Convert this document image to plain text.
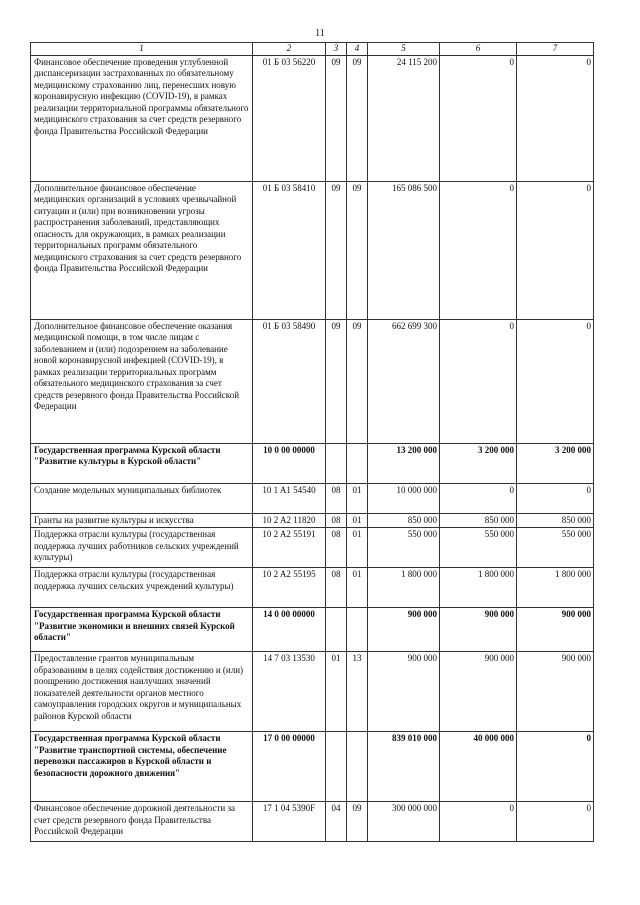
11
1	2	3	4	5	6	7
Финансовое обеспечение проведения углубленной диспансеризации застрахованных по обязательному медицинскому страхованию лиц, перенесших новую коронавирусную инфекцию (COVID-19), в рамках реализации территориальной программы обязательного медицинского страхования за счет средств резервного фонда Правительства Российской Федерации	01 Б 03 56220	09	09	24 115 200	0	0
Дополнительное финансовое обеспечение медицинских организаций в условиях чрезвычайной ситуации и (или) при возникновении угрозы распространения заболеваний, представляющих опасность для окружающих, в рамках реализации территориальных программ обязательного медицинского страхования за счет средств резервного фонда Правительства Российской Федерации	01 Б 03 58410	09	09	165 086 500	0	0
Дополнительное финансовое обеспечение оказания медицинской помощи, в том числе лицам с заболеванием и (или) подозрением на заболевание новой коронавирусной инфекцией (COVID-19), в рамках реализации территориальных программ обязательного медицинского страхования за счет средств резервного фонда Правительства Российской Федерации	01 Б 03 58490	09	09	662 699 300	0	0
Государственная программа Курской области "Развитие культуры в Курской области"	10 0 00 00000			13 200 000	3 200 000	3 200 000
Создание модельных муниципальных библиотек	10 1 A1 54540	08	01	10 000 000	0	0
Гранты на развитие культуры и искусства	10 2 A2 11820	08	01	850 000	850 000	850 000
Поддержка отрасли культуры (государственная поддержка лучших работников сельских учреждений культуры)	10 2 A2 55191	08	01	550 000	550 000	550 000
Поддержка отрасли культуры (государственная поддержка лучших сельских учреждений культуры)	10 2 A2 55195	08	01	1 800 000	1 800 000	1 800 000
Государственная программа Курской области "Развитие экономики и внешних связей Курской области"	14 0 00 00000			900 000	900 000	900 000
Предоставление грантов муниципальным образованиям в целях содействия достижению и (или) поощрению достижения наилучших значений показателей деятельности органов местного самоуправления городских округов и муниципальных районов Курской области	14 7 03 13530	01	13	900 000	900 000	900 000
Государственная программа Курской области "Развитие транспортной системы, обеспечение перевозки пассажиров в Курской области и безопасности дорожного движения"	17 0 00 00000			839 010 000	40 000 000	0
Финансовое обеспечение дорожной деятельности за счет средств резервного фонда Правительства Российской Федерации	17 1 04 5390F	04	09	300 000 000	0	0
